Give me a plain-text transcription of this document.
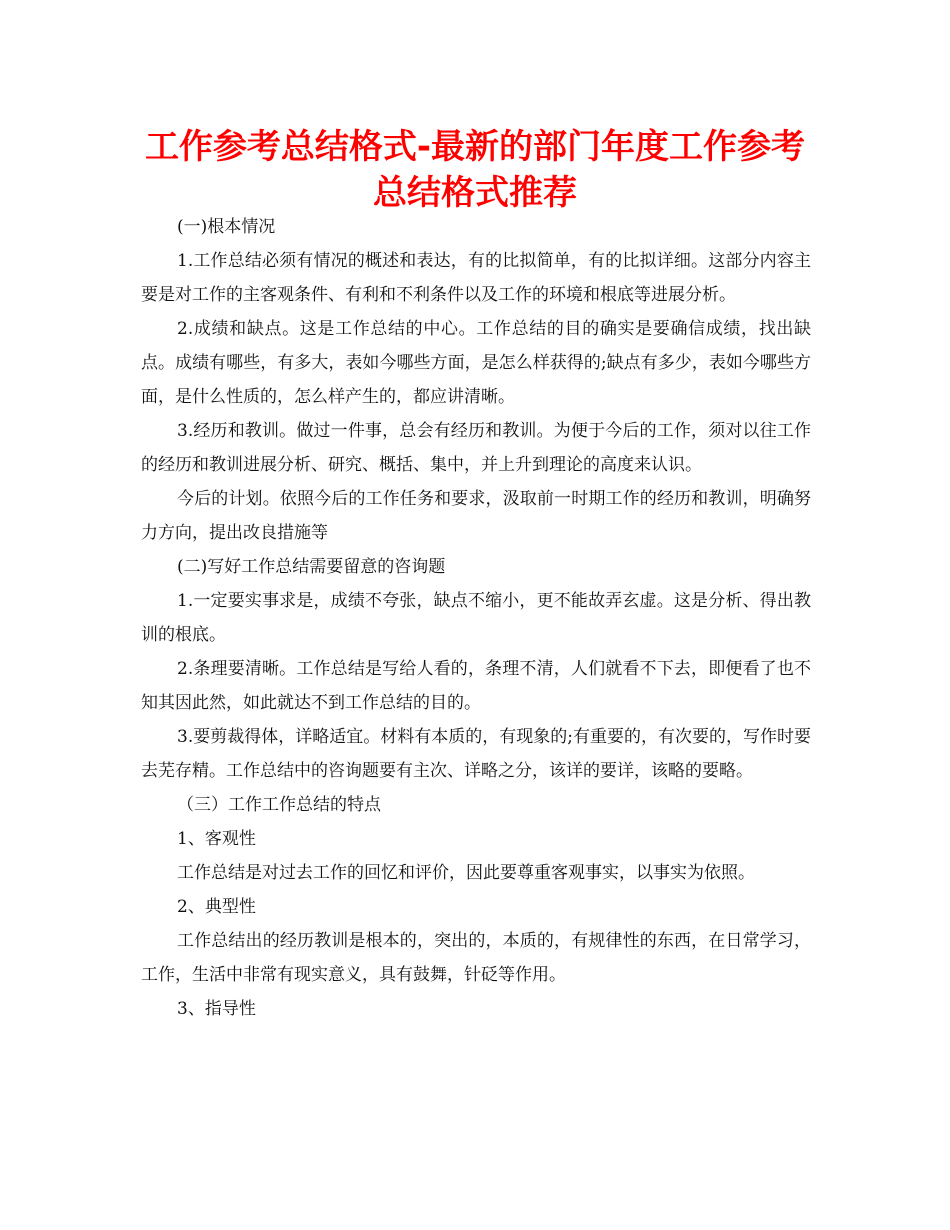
工作参考总结格式-最新的部门年度工作参考总结格式推荐

(一)根本情况

1.工作总结必须有情况的概述和表达，有的比拟简单，有的比拟详细。这部分内容主要是对工作的主客观条件、有利和不利条件以及工作的环境和根底等进展分析。

2.成绩和缺点。这是工作总结的中心。工作总结的目的确实是要确信成绩，找出缺点。成绩有哪些，有多大，表如今哪些方面，是怎么样获得的;缺点有多少，表如今哪些方面，是什么性质的，怎么样产生的，都应讲清晰。

3.经历和教训。做过一件事，总会有经历和教训。为便于今后的工作，须对以往工作的经历和教训进展分析、研究、概括、集中，并上升到理论的高度来认识。

今后的计划。依照今后的工作任务和要求，汲取前一时期工作的经历和教训，明确努力方向，提出改良措施等

(二)写好工作总结需要留意的咨询题

1.一定要实事求是，成绩不夸张，缺点不缩小，更不能故弄玄虚。这是分析、得出教训的根底。

2.条理要清晰。工作总结是写给人看的，条理不清，人们就看不下去，即便看了也不知其因此然，如此就达不到工作总结的目的。

3.要剪裁得体，详略适宜。材料有本质的，有现象的;有重要的，有次要的，写作时要去芜存精。工作总结中的咨询题要有主次、详略之分，该详的要详，该略的要略。

（三）工作工作总结的特点

1、客观性

工作总结是对过去工作的回忆和评价，因此要尊重客观事实，以事实为依照。

2、典型性

工作总结出的经历教训是根本的，突出的，本质的，有规律性的东西，在日常学习，工作，生活中非常有现实意义，具有鼓舞，针砭等作用。

3、指导性
